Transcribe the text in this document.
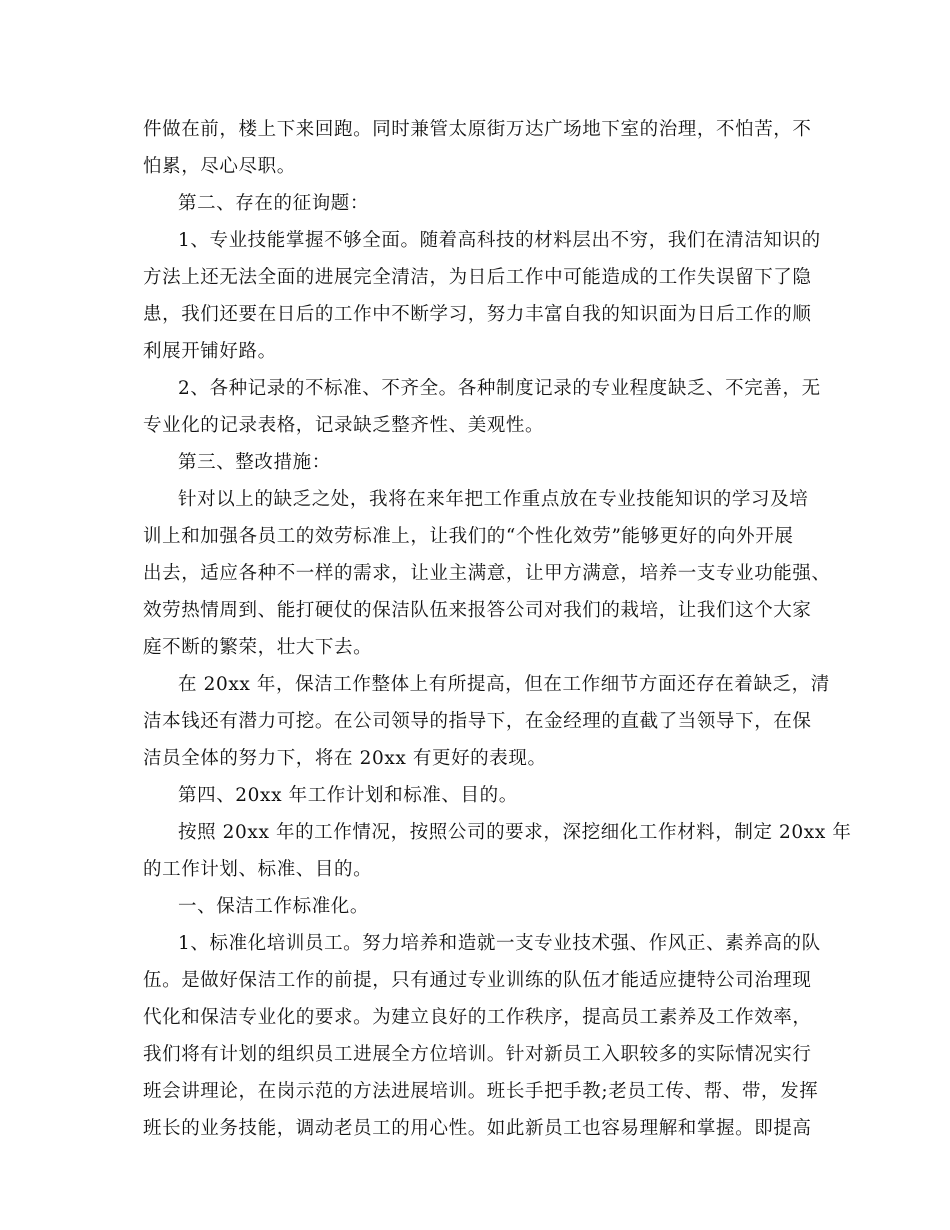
件做在前，楼上下来回跑。同时兼管太原街万达广场地下室的治理，不怕苦，不
怕累，尽心尽职。
第二、存在的征询题：
1、专业技能掌握不够全面。随着高科技的材料层出不穷，我们在清洁知识的
方法上还无法全面的进展完全清洁，为日后工作中可能造成的工作失误留下了隐
患，我们还要在日后的工作中不断学习，努力丰富自我的知识面为日后工作的顺
利展开铺好路。
2、各种记录的不标准、不齐全。各种制度记录的专业程度缺乏、不完善，无
专业化的记录表格，记录缺乏整齐性、美观性。
第三、整改措施：
针对以上的缺乏之处，我将在来年把工作重点放在专业技能知识的学习及培
训上和加强各员工的效劳标准上，让我们的“个性化效劳”能够更好的向外开展
出去，适应各种不一样的需求，让业主满意，让甲方满意，培养一支专业功能强、
效劳热情周到、能打硬仗的保洁队伍来报答公司对我们的栽培，让我们这个大家
庭不断的繁荣，壮大下去。
在 20xx 年，保洁工作整体上有所提高，但在工作细节方面还存在着缺乏，清
洁本钱还有潜力可挖。在公司领导的指导下，在金经理的直截了当领导下，在保
洁员全体的努力下，将在 20xx 有更好的表现。
第四、20xx 年工作计划和标准、目的。
按照 20xx 年的工作情况，按照公司的要求，深挖细化工作材料，制定 20xx 年
的工作计划、标准、目的。
一、保洁工作标准化。
1、标准化培训员工。努力培养和造就一支专业技术强、作风正、素养高的队
伍。是做好保洁工作的前提，只有通过专业训练的队伍才能适应捷特公司治理现
代化和保洁专业化的要求。为建立良好的工作秩序，提高员工素养及工作效率，
我们将有计划的组织员工进展全方位培训。针对新员工入职较多的实际情况实行
班会讲理论，在岗示范的方法进展培训。班长手把手教;老员工传、帮、带，发挥
班长的业务技能，调动老员工的用心性。如此新员工也容易理解和掌握。即提高
